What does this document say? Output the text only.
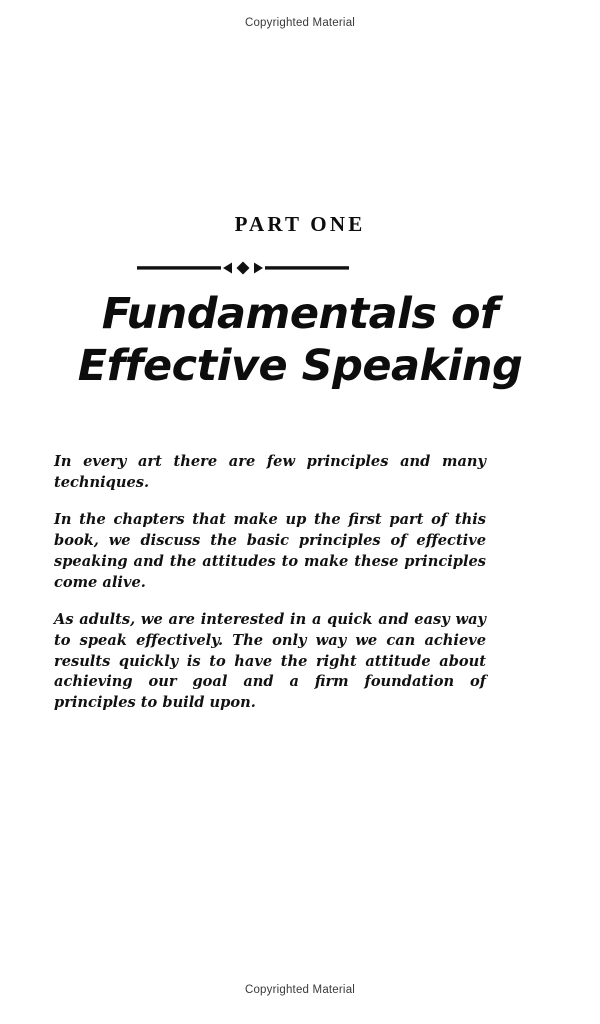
Copyrighted Material
PART ONE
Fundamentals of
Effective Speaking

In every art there are few principles and many techniques.

In the chapters that make up the first part of this book, we discuss the basic principles of effective speaking and the attitudes to make these principles come alive.

As adults, we are interested in a quick and easy way to speak effectively. The only way we can achieve results quickly is to have the right attitude about achieving our goal and a firm foundation of principles to build upon.

Copyrighted Material
